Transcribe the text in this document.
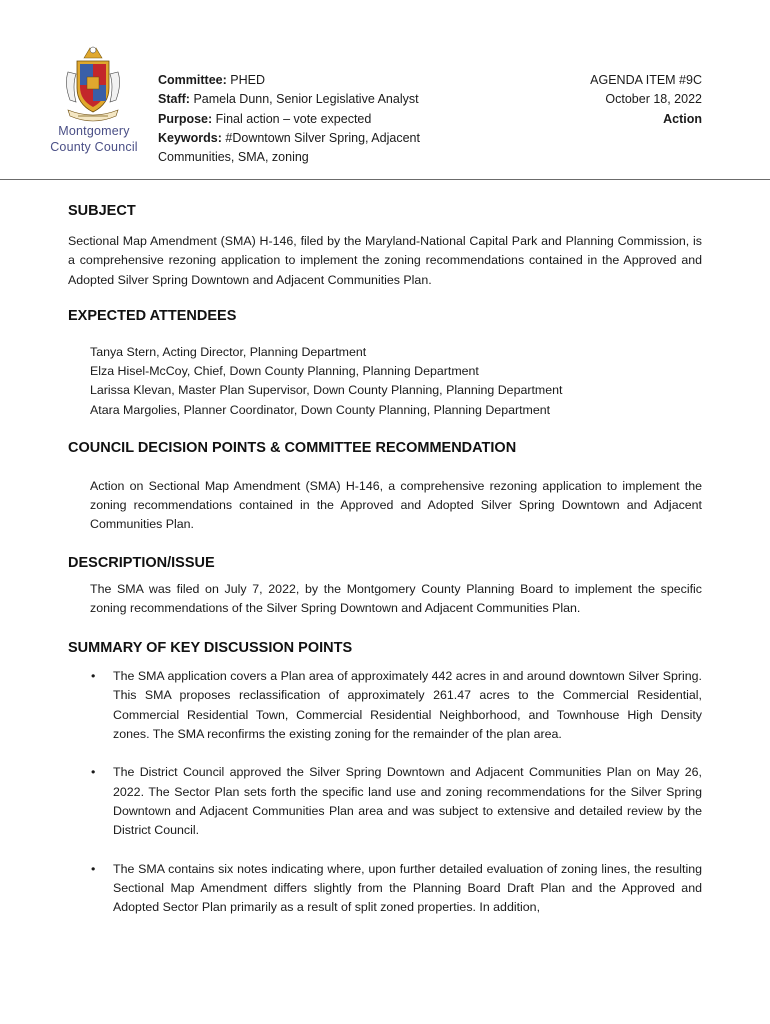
Montgomery County Council
Committee: PHED
Staff: Pamela Dunn, Senior Legislative Analyst
Purpose: Final action – vote expected
Keywords: #Downtown Silver Spring, Adjacent Communities, SMA, zoning
AGENDA ITEM #9C
October 18, 2022
Action
SUBJECT

Sectional Map Amendment (SMA) H-146, filed by the Maryland-National Capital Park and Planning Commission, is a comprehensive rezoning application to implement the zoning recommendations contained in the Approved and Adopted Silver Spring Downtown and Adjacent Communities Plan.

EXPECTED ATTENDEES
Tanya Stern, Acting Director, Planning Department
Elza Hisel-McCoy, Chief, Down County Planning, Planning Department
Larissa Klevan, Master Plan Supervisor, Down County Planning, Planning Department
Atara Margolies, Planner Coordinator, Down County Planning, Planning Department
COUNCIL DECISION POINTS & COMMITTEE RECOMMENDATION

Action on Sectional Map Amendment (SMA) H-146, a comprehensive rezoning application to implement the zoning recommendations contained in the Approved and Adopted Silver Spring Downtown and Adjacent Communities Plan.

DESCRIPTION/ISSUE

The SMA was filed on July 7, 2022, by the Montgomery County Planning Board to implement the specific zoning recommendations of the Silver Spring Downtown and Adjacent Communities Plan.

SUMMARY OF KEY DISCUSSION POINTS
• The SMA application covers a Plan area of approximately 442 acres in and around downtown Silver Spring. This SMA proposes reclassification of approximately 261.47 acres to the Commercial Residential, Commercial Residential Town, Commercial Residential Neighborhood, and Townhouse High Density zones. The SMA reconfirms the existing zoning for the remainder of the plan area.

• The District Council approved the Silver Spring Downtown and Adjacent Communities Plan on May 26, 2022. The Sector Plan sets forth the specific land use and zoning recommendations for the Silver Spring Downtown and Adjacent Communities Plan area and was subject to extensive and detailed review by the District Council.

• The SMA contains six notes indicating where, upon further detailed evaluation of zoning lines, the resulting Sectional Map Amendment differs slightly from the Planning Board Draft Plan and the Approved and Adopted Sector Plan primarily as a result of split zoned properties. In addition,
